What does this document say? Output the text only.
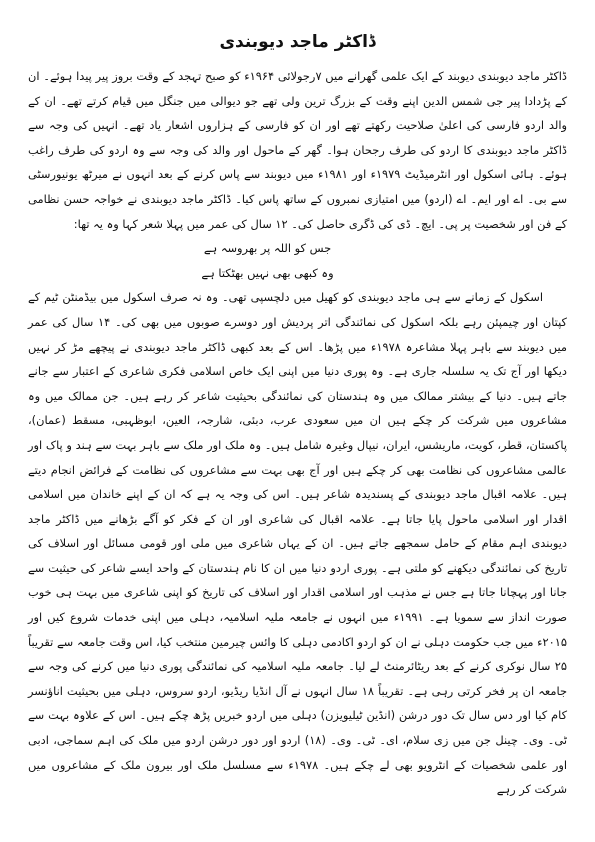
ڈاکٹر ماجد دیوبندی

ڈاکٹر ماجد دیوبندی دیوبند کے ایک علمی گھرانے میں ۷رجولائی ۱۹۶۴ء کو صبح تہجد کے وقت بروز پیر پیدا ہوئے۔ ان کے پڑدادا پیر جی شمس الدین اپنے وقت کے بزرگ ترین ولی تھے جو دیوالی میں جنگل میں قیام کرتے تھے۔ ان کے والد اردو فارسی کی اعلیٰ صلاحیت رکھتے تھے اور ان کو فارسی کے ہزاروں اشعار یاد تھے۔ انہیں کی وجہ سے ڈاکٹر ماجد دیوبندی کا اردو کی طرف رجحان ہوا۔ گھر کے ماحول اور والد کی وجہ سے وہ اردو کی طرف راغب ہوئے۔ ہائی اسکول اور انٹرمیڈیٹ ۱۹۷۹ء اور ۱۹۸۱ء میں دیوبند سے پاس کرنے کے بعد انہوں نے میرٹھ یونیورسٹی سے بی۔ اے اور ایم۔ اے (اردو) میں امتیازی نمبروں کے ساتھ پاس کیا۔ ڈاکٹر ماجد دیوبندی نے خواجہ حسن نظامی کے فن اور شخصیت پر پی۔ ایچ۔ ڈی کی ڈگری حاصل کی۔ ۱۲ سال کی عمر میں پہلا شعر کہا وہ یہ تھا:

جس کو اللہ پر بھروسہ ہے

وہ کبھی بھی نہیں بھٹکتا ہے

اسکول کے زمانے سے ہی ماجد دیوبندی کو کھیل میں دلچسپی تھی۔ وہ نہ صرف اسکول میں بیڈمنٹن ٹیم کے کپتان اور چیمپئن رہے بلکہ اسکول کی نمائندگی اتر پردیش اور دوسرے صوبوں میں بھی کی۔ ۱۴ سال کی عمر میں دیوبند سے باہر پہلا مشاعرہ ۱۹۷۸ء میں پڑھا۔ اس کے بعد کبھی ڈاکٹر ماجد دیوبندی نے پیچھے مڑ کر نہیں دیکھا اور آج تک یہ سلسلہ جاری ہے۔ وہ پوری دنیا میں اپنی ایک خاص اسلامی فکری شاعری کے اعتبار سے جانے جاتے ہیں۔ دنیا کے بیشتر ممالک میں وہ ہندستان کی نمائندگی بحیثیت شاعر کر رہے ہیں۔ جن ممالک میں وہ مشاعروں میں شرکت کر چکے ہیں ان میں سعودی عرب، دبئی، شارجہ، العین، ابوظہبی، مسقط (عمان)، پاکستان، قطر، کویت، ماریشس، ایران، نیپال وغیرہ شامل ہیں۔ وہ ملک اور ملک سے باہر بہت سے ہند و پاک اور عالمی مشاعروں کی نظامت بھی کر چکے ہیں اور آج بھی بہت سے مشاعروں کی نظامت کے فرائض انجام دیتے ہیں۔ علامہ اقبال ماجد دیوبندی کے پسندیدہ شاعر ہیں۔ اس کی وجہ یہ ہے کہ ان کے اپنے خاندان میں اسلامی اقدار اور اسلامی ماحول پایا جاتا ہے۔ علامہ اقبال کی شاعری اور ان کے فکر کو آگے بڑھانے میں ڈاکٹر ماجد دیوبندی اہم مقام کے حامل سمجھے جاتے ہیں۔ ان کے یہاں شاعری میں ملی اور قومی مسائل اور اسلاف کی تاریخ کی نمائندگی دیکھنے کو ملتی ہے۔ پوری اردو دنیا میں ان کا نام ہندستان کے واحد ایسے شاعر کی حیثیت سے جانا اور پہچانا جاتا ہے جس نے مذہب اور اسلامی اقدار اور اسلاف کی تاریخ کو اپنی شاعری میں بہت ہی خوب صورت انداز سے سمویا ہے۔ ۱۹۹۱ء میں انہوں نے جامعہ ملیہ اسلامیہ، دہلی میں اپنی خدمات شروع کیں اور ۲۰۱۵ء میں جب حکومت دہلی نے ان کو اردو اکادمی دہلی کا وائس چیرمین منتخب کیا، اس وقت جامعہ سے تقریباً ۲۵ سال نوکری کرنے کے بعد ریٹائرمنٹ لے لیا۔ جامعہ ملیہ اسلامیہ کی نمائندگی پوری دنیا میں کرنے کی وجہ سے جامعہ ان پر فخر کرتی رہی ہے۔ تقریباً ۱۸ سال انہوں نے آل انڈیا ریڈیو، اردو سروس، دہلی میں بحیثیت اناؤنسر کام کیا اور دس سال تک دور درشن (انڈین ٹیلیویزن) دہلی میں اردو خبریں پڑھ چکے ہیں۔ اس کے علاوہ بہت سے ٹی۔ وی۔ چینل جن میں زی سلام، ای۔ ٹی۔ وی۔ (۱۸) اردو اور دور درشن اردو میں ملک کی اہم سماجی، ادبی اور علمی شخصیات کے انٹرویو بھی لے چکے ہیں۔ ۱۹۷۸ء سے مسلسل ملک اور بیرون ملک کے مشاعروں میں شرکت کر رہے
